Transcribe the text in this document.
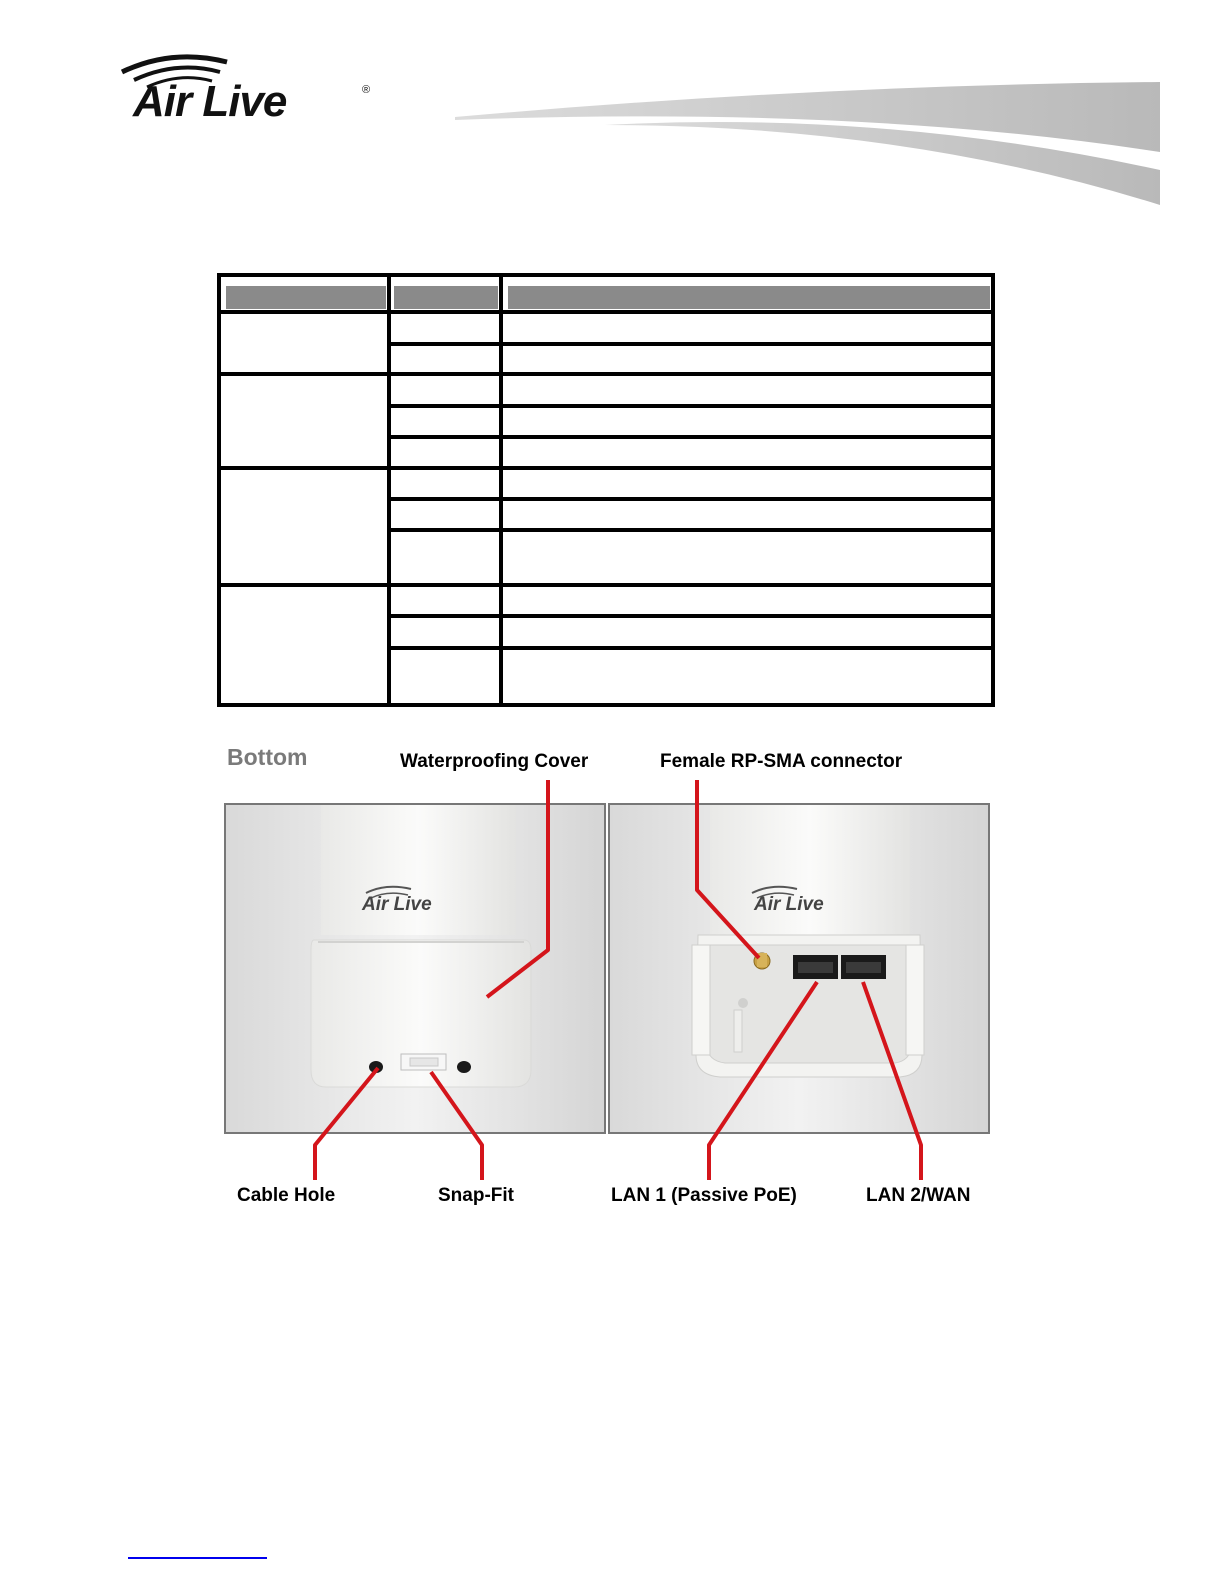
Air Live	®
Bottom	Waterproofing Cover	Female RP-SMA connector
Air Live	Air Live
Cable Hole	Snap-Fit	LAN 1 (Passive PoE)	LAN 2/WAN
